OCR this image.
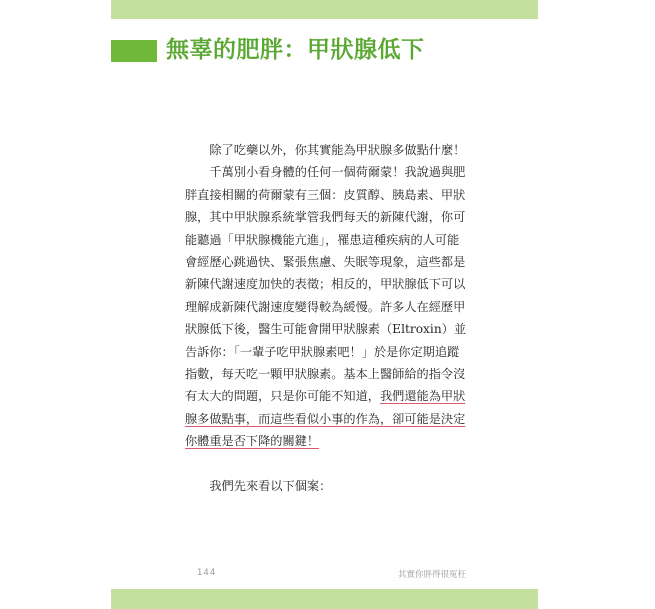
無辜的肥胖：甲狀腺低下

除了吃藥以外，你其實能為甲狀腺多做點什麼！

千萬別小看身體的任何一個荷爾蒙！我說過與肥胖直接相關的荷爾蒙有三個：皮質醇、胰島素、甲狀腺，其中甲狀腺系統掌管我們每天的新陳代謝，你可能聽過「甲狀腺機能亢進」，罹患這種疾病的人可能會經歷心跳過快、緊張焦慮、失眠等現象，這些都是新陳代謝速度加快的表徵；相反的，甲狀腺低下可以理解成新陳代謝速度變得較為緩慢。許多人在經歷甲狀腺低下後，醫生可能會開甲狀腺素（Eltroxin）並告訴你：「一輩子吃甲狀腺素吧！」於是你定期追蹤指數，每天吃一顆甲狀腺素。基本上醫師給的指令沒有太大的問題，只是你可能不知道，我們還能為甲狀腺多做點事，而這些看似小事的作為，卻可能是決定你體重是否下降的關鍵！

我們先來看以下個案：

144	其實你胖得很冤枉
